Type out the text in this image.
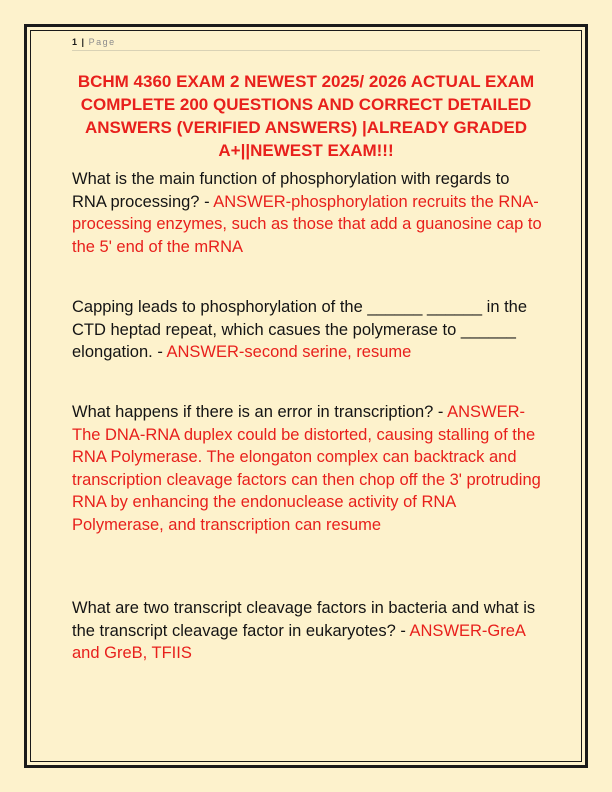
1 | Page
BCHM 4360 EXAM 2 NEWEST 2025/ 2026 ACTUAL EXAM COMPLETE 200 QUESTIONS AND CORRECT DETAILED ANSWERS (VERIFIED ANSWERS) |ALREADY GRADED A+||NEWEST EXAM!!!
What is the main function of phosphorylation with regards to RNA processing? - ANSWER-phosphorylation recruits the RNA-processing enzymes, such as those that add a guanosine cap to the 5' end of the mRNA
Capping leads to phosphorylation of the ______ ______ in the CTD heptad repeat, which casues the polymerase to ______ elongation. - ANSWER-second serine, resume
What happens if there is an error in transcription? - ANSWER-The DNA-RNA duplex could be distorted, causing stalling of the RNA Polymerase. The elongaton complex can backtrack and transcription cleavage factors can then chop off the 3' protruding RNA by enhancing the endonuclease activity of RNA Polymerase, and transcription can resume
What are two transcript cleavage factors in bacteria and what is the transcript cleavage factor in eukaryotes? - ANSWER-GreA and GreB, TFIIS
